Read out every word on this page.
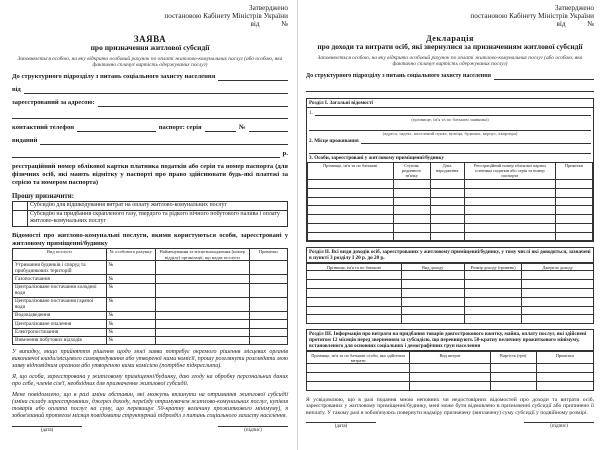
Затверджено
постановою Кабінету Міністрів України
від	№
ЗАЯВА
про призначення житлової субсидії
Заповнюється особою, на яку відкрито особовий рахунок по оплаті житлово-комунальних послуг (або особою, яка фактично сплачує вартість одержуваних послуг)
До структурного підрозділу з питань соціального захисту населення
від
зареєстрований за адресою:
контактний телефон	паспорт: серія	№
виданий
р.
реєстраційний номер облікової картки платника податків або серія та номер паспорта (для фізичних осіб, які мають відмітку у паспорті про право здійснювати будь-які платежі за серією та номером паспорта)
Прошу призначити:
	Субсидію для відшкодування витрат на оплату житлово-комунальних послуг
	Субсидію на придбання скрапленого газу, твердого та рідкого пічного побутового палива і оплату житлово-комунальних послуг
Відомості про житлово-комунальні послуги, якими користуються особи, зареєстровані у житловому приміщенні/будинку
Вид послуги	№ особового рахунку	Найменування та місцезнаходження (номер відділу) організації, що надає послуги	Примітки
Утримання будинків і споруд та прибудинкових територій	№		
Газопостачання	№		
Централізоване постачання холодної води	№		
Централізоване постачання гарячої води	№		
Водовідведення	№		
Централізоване опалення	№		
Електропостачання	№		
Вивезення побутових відходів	№		
У випадку, якщо прийняття рішення щодо моєї заяви потребує окремого рішення місцевих органів виконавчої влади/місцевого самоврядування або утвореної ними комісії, прошу розглянути розглядати мою заяву відповідним органом або утвореною ними комісією (потрібне підкреслити).
Я, що особа, зареєстрована у житловому приміщенні/будинку, даю згоду на обробку персональних даних про себе, членів сім'ї, необхідних для призначення житлової субсидії.
Мене повідомлено, що в разі зміни обставин, які можуть вплинути на отримання житлової субсидії (зміна складу зареєстрованих, джерел доходу, переїзду отримувачем житлово-комунальних послуг, купівля товарів або оплата послуг на суму, що перевищує 50-кратну величину прожиткового мінімуму), я зобов'язаний протягом місяця повідомити структурний підрозділ з питань соціального захисту населення.
(дата)	(підпис)
Затверджено
постановою Кабінету Міністрів України
від	№
Декларація
про доходи та витрати осіб, які звернулися за призначенням житлової субсидії
Заповнюється особою, на яку відкрито особовий рахунок по оплаті житлово-комунальних послуг (або особою, яка фактично сплачує вартість одержуваних послуг)
До структурного підрозділу з питань соціального захисту населення
Розділ І. Загальні відомості
1.
(прізвище, ім'я та по батькові заявника)
(адреса, індекс, населений пункт, вулиця, будинок, корпус, квартира)
2. Місце проживання
3. Особи, зареєстровані у житловому приміщенні/будинку
Прізвище, ім'я та по батькові	Ступінь родинного зв'язку	Дата народження	Реєстраційний номер облікової картки платника податків або серія та номер паспорта	Примітки

Розділ ІІ. Всі види доходів осіб, зареєстрованих у житловому приміщенні/будинку, у тому числі які доводяться, зазначені в пункті 3 розділу І 20 р. до 20 р.
Прізвище, ім'я та по батькові	Вид доходу	Розмір доходу (гривень)	Джерело доходу

Розділ ІІІ. Інформація про витрати на придбання товарів довгострокового вжитку, майна, оплату послуг, які здійснені протягом 12 місяців перед зверненням за субсидією, що перевищують 50-кратну величину прожиткового мінімуму, встановленого для основних соціальних і демографічних груп населення
Прізвище, ім'я та по батькові особи, яка здійснила витрати	Вид витрат	Вартість (грн)	Примітки

Я усвідомлюю, що в разі подання мною неповних чи недостовірних відомостей про доходи та витрати осіб, зареєстрованих у житловому приміщенні/будинку, мені може бути відмовлено в призначенні субсидії або припинено її виплату. У такому разі я зобов'язуюсь повернути надміру призначену (виплачену) суму субсидії у подвійному розмірі.
(дата)	(підпис)
